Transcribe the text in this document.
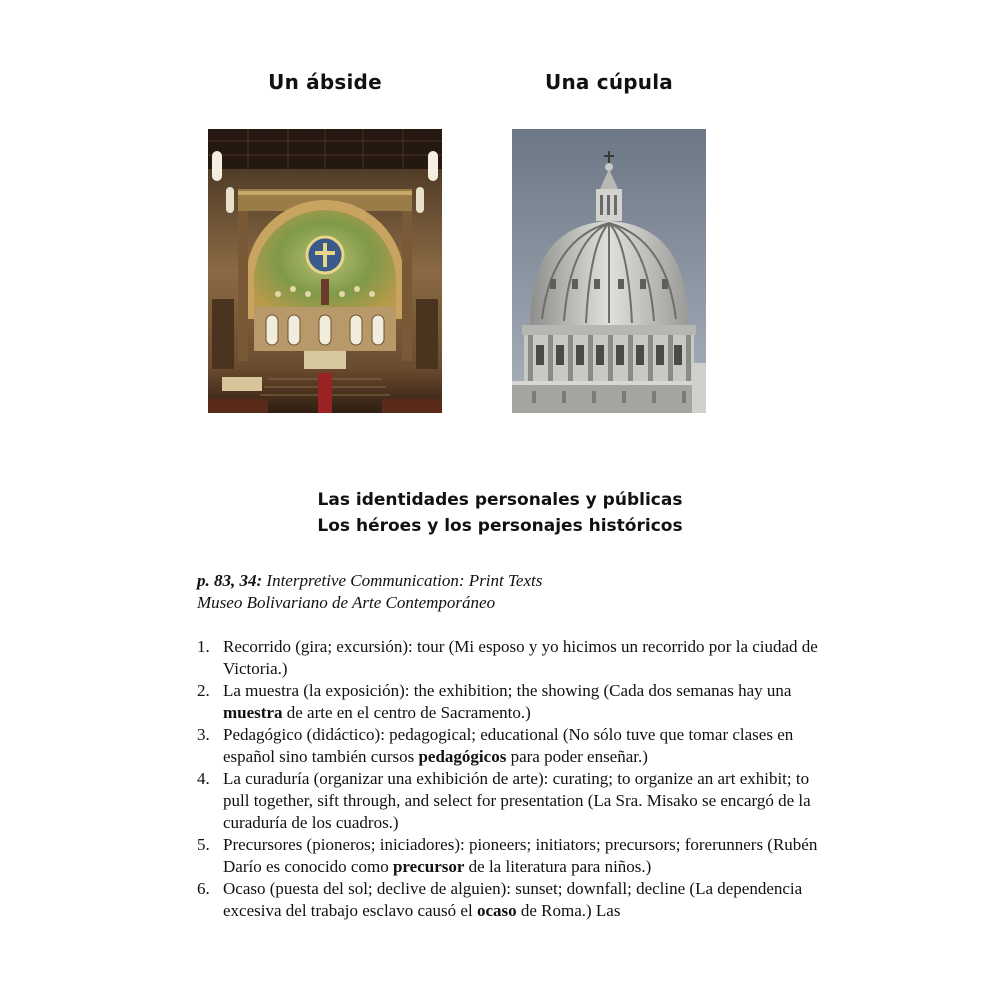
Un ábside	Una cúpula
Las identidades personales y públicas
Los héroes y los personajes históricos
p. 83, 34: Interpretive Communication: Print Texts
Museo Bolivariano de Arte Contemporáneo
1. Recorrido (gira; excursión): tour (Mi esposo y yo hicimos un recorrido por la ciudad de Victoria.)
2. La muestra (la exposición): the exhibition; the showing (Cada dos semanas hay una muestra de arte en el centro de Sacramento.)
3. Pedagógico (didáctico): pedagogical; educational (No sólo tuve que tomar clases en español sino también cursos pedagógicos para poder enseñar.)
4. La curaduría (organizar una exhibición de arte): curating; to organize an art exhibit; to pull together, sift through, and select for presentation (La Sra. Misako se encargó de la curaduría de los cuadros.)
5. Precursores (pioneros; iniciadores): pioneers; initiators; precursors; forerunners (Rubén Darío es conocido como precursor de la literatura para niños.)
6. Ocaso (puesta del sol; declive de alguien): sunset; downfall; decline (La dependencia excesiva del trabajo esclavo causó el ocaso de Roma.) Las
